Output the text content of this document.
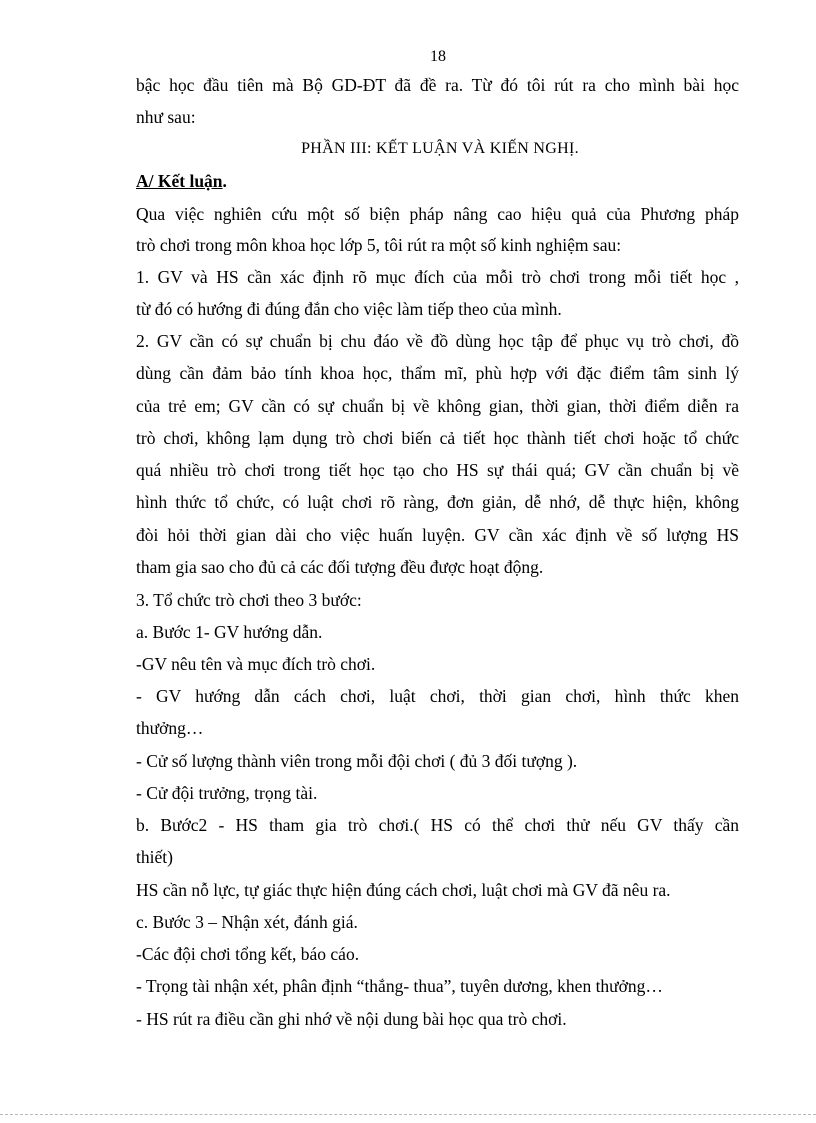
18
bậc học đầu tiên mà Bộ GD-ĐT đã đề ra. Từ đó tôi rút ra cho mình bài học
như sau:
PHẦN III: KẾT LUẬN VÀ KIẾN NGHỊ.
A/ Kết luận.
Qua việc nghiên cứu một số biện pháp nâng cao hiệu quả của Phương pháp
trò chơi trong môn khoa học lớp 5, tôi rút ra một số kinh nghiệm sau:
1. GV và HS cần xác định rõ mục đích của mỗi trò chơi trong mỗi tiết học ,
từ đó có hướng đi đúng đắn cho việc làm tiếp theo của mình.
2. GV cần có sự chuẩn bị chu đáo về đồ dùng học tập để phục vụ trò chơi, đồ
dùng cần đảm bảo tính khoa học, thẩm mĩ, phù hợp với đặc điểm tâm sinh lý
của trẻ em; GV cần có sự chuẩn bị về không gian, thời gian, thời điểm diễn ra
trò chơi, không lạm dụng trò chơi biến cả tiết học thành tiết chơi hoặc tổ chức
quá nhiều trò chơi trong tiết học tạo cho HS sự thái quá; GV cần chuẩn bị về
hình thức tổ chức, có luật chơi rõ ràng, đơn giản, dễ nhớ, dễ thực hiện, không
đòi hỏi thời gian dài cho việc huấn luyện. GV cần xác định về số lượng HS
tham gia sao cho đủ cả các đối tượng đều được hoạt động.
3. Tổ chức trò chơi theo 3 bước:
a. Bước 1- GV hướng dẫn.
-GV nêu tên và mục đích trò chơi.
- GV hướng dẫn cách chơi, luật chơi, thời gian chơi, hình thức khen
thưởng…
- Cử số lượng thành viên trong mỗi đội chơi ( đủ 3 đối tượng ).
- Cử đội trưởng, trọng tài.
b. Bước2 - HS tham gia trò chơi.( HS có thể chơi thử nếu GV thấy cần
thiết)
HS cần nỗ lực, tự giác thực hiện đúng cách chơi, luật chơi mà GV đã nêu ra.
c. Bước 3 – Nhận xét, đánh giá.
-Các đội chơi tổng kết, báo cáo.
- Trọng tài nhận xét, phân định “thắng- thua”, tuyên dương, khen thưởng…
- HS rút ra điều cần ghi nhớ về nội dung bài học qua trò chơi.
